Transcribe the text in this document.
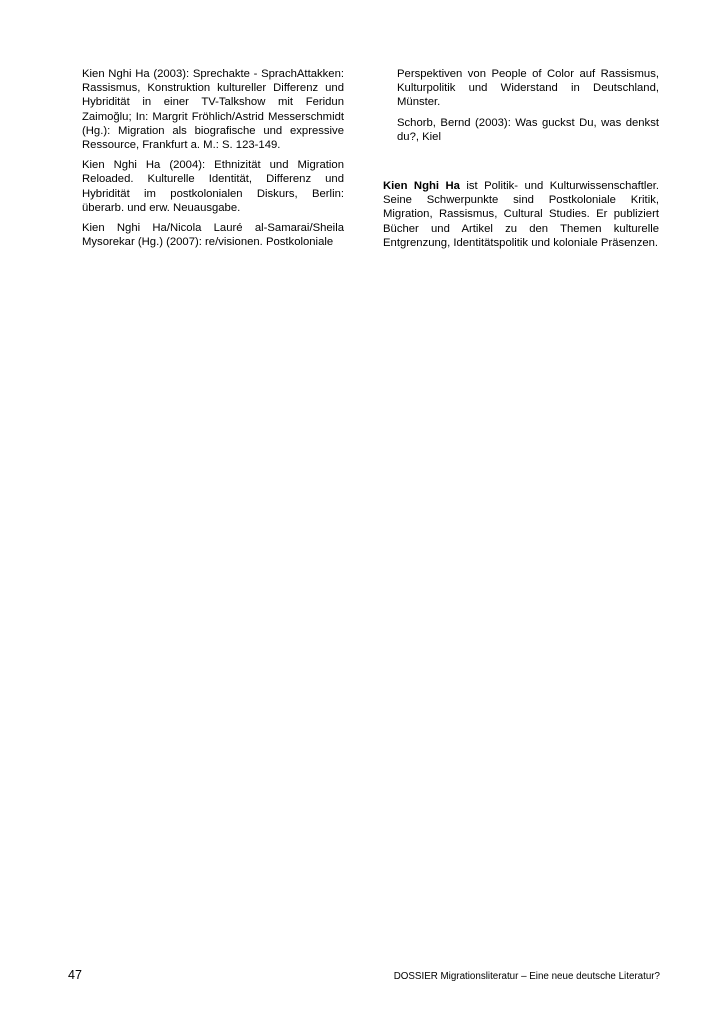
Kien Nghi Ha (2003): Sprechakte - SprachAttakken: Rassismus, Konstruktion kultureller Differenz und Hybridität in einer TV-Talkshow mit Feridun Zaimoğlu; In: Margrit Fröhlich/Astrid Messerschmidt (Hg.): Migration als biografische und expressive Ressource, Frankfurt a. M.: S. 123-149.

Kien Nghi Ha (2004): Ethnizität und Migration Reloaded. Kulturelle Identität, Differenz und Hybridität im postkolonialen Diskurs, Berlin: überarb. und erw. Neuausgabe.

Kien Nghi Ha/Nicola Lauré al-Samarai/Sheila Mysorekar (Hg.) (2007): re/visionen. Postkoloniale

Perspektiven von People of Color auf Rassismus, Kulturpolitik und Widerstand in Deutschland, Münster.

Schorb, Bernd (2003): Was guckst Du, was denkst du?, Kiel

Kien Nghi Ha ist Politik- und Kulturwissenschaftler. Seine Schwerpunkte sind Postkoloniale Kritik, Migration, Rassismus, Cultural Studies. Er publiziert Bücher und Artikel zu den Themen kulturelle Entgrenzung, Identitätspolitik und koloniale Präsenzen.

47	DOSSIER Migrationsliteratur – Eine neue deutsche Literatur?
